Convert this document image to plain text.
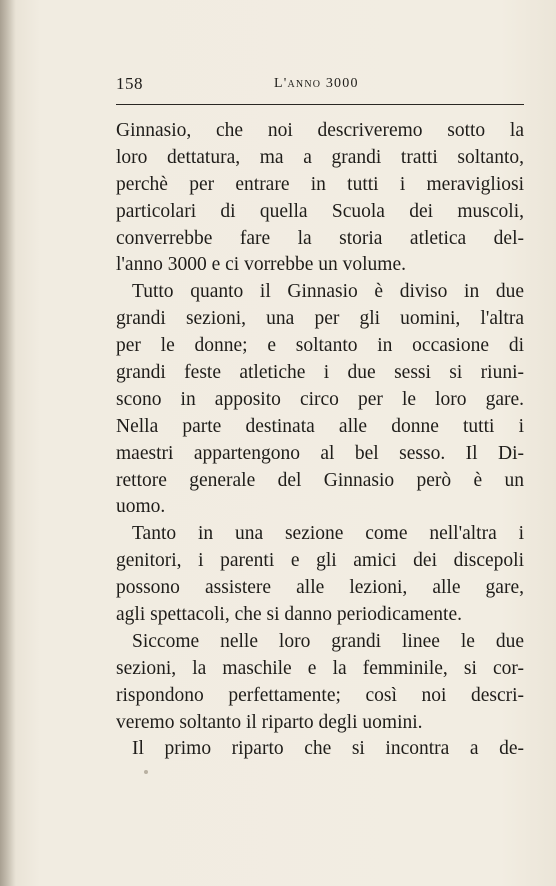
158	L'anno 3000
Ginnasio, che noi descriveremo sotto la
loro dettatura, ma a grandi tratti soltanto,
perchè per entrare in tutti i meravigliosi
particolari di quella Scuola dei muscoli,
converrebbe fare la storia atletica del-
l'anno 3000 e ci vorrebbe un volume.
Tutto quanto il Ginnasio è diviso in due
grandi sezioni, una per gli uomini, l'altra
per le donne; e soltanto in occasione di
grandi feste atletiche i due sessi si riuni-
scono in apposito circo per le loro gare.
Nella parte destinata alle donne tutti i
maestri appartengono al bel sesso. Il Di-
rettore generale del Ginnasio però è un
uomo.
Tanto in una sezione come nell'altra i
genitori, i parenti e gli amici dei discepoli
possono assistere alle lezioni, alle gare,
agli spettacoli, che si danno periodicamente.
Siccome nelle loro grandi linee le due
sezioni, la maschile e la femminile, si cor-
rispondono perfettamente; così noi descri-
veremo soltanto il riparto degli uomini.
Il primo riparto che si incontra a de-
